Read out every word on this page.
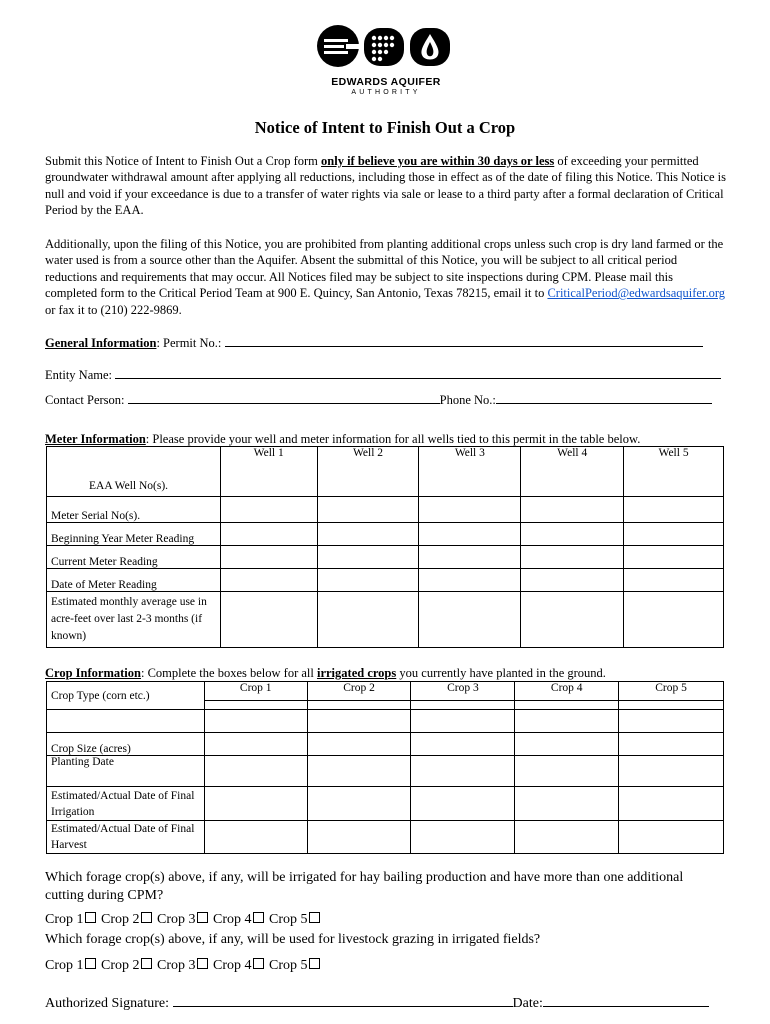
EDWARDS AQUIFER
AUTHORITY
Notice of Intent to Finish Out a Crop
Submit this Notice of Intent to Finish Out a Crop form only if believe you are within 30 days or less of exceeding your permitted groundwater withdrawal amount after applying all reductions, including those in effect as of the date of filing this Notice. This Notice is null and void if your exceedance is due to a transfer of water rights via sale or lease to a third party after a formal declaration of Critical Period by the EAA.
Additionally, upon the filing of this Notice, you are prohibited from planting additional crops unless such crop is dry land farmed or the water used is from a source other than the Aquifer. Absent the submittal of this Notice, you will be subject to all critical period reductions and requirements that may occur. All Notices filed may be subject to site inspections during CPM. Please mail this completed form to the Critical Period Team at 900 E. Quincy, San Antonio, Texas 78215, email it to CriticalPeriod@edwardsaquifer.org or fax it to (210) 222-9869.
General Information: Permit No.:
Entity Name:
Contact Person:	Phone No.:
Meter Information: Please provide your well and meter information for all wells tied to this permit in the table below.
EAA Well No(s).	Well 1	Well 2	Well 3	Well 4	Well 5
Meter Serial No(s).					
Beginning Year Meter Reading					
Current Meter Reading					
Date of Meter Reading					
Estimated monthly average use in acre-feet over last 2-3 months (if known)					
Crop Information: Complete the boxes below for all irrigated crops you currently have planted in the ground.
Crop Type (corn etc.)	Crop 1	Crop 2	Crop 3	Crop 4	Crop 5

Crop Size (acres)					
Planting Date					
Estimated/Actual Date of Final Irrigation					
Estimated/Actual Date of Final Harvest					
Which forage crop(s) above, if any, will be irrigated for hay bailing production and have more than one additional cutting during CPM?
Crop 1 Crop 2 Crop 3 Crop 4 Crop 5
Which forage crop(s) above, if any, will be used for livestock grazing in irrigated fields?
Crop 1 Crop 2 Crop 3 Crop 4 Crop 5
Authorized Signature:	Date:
